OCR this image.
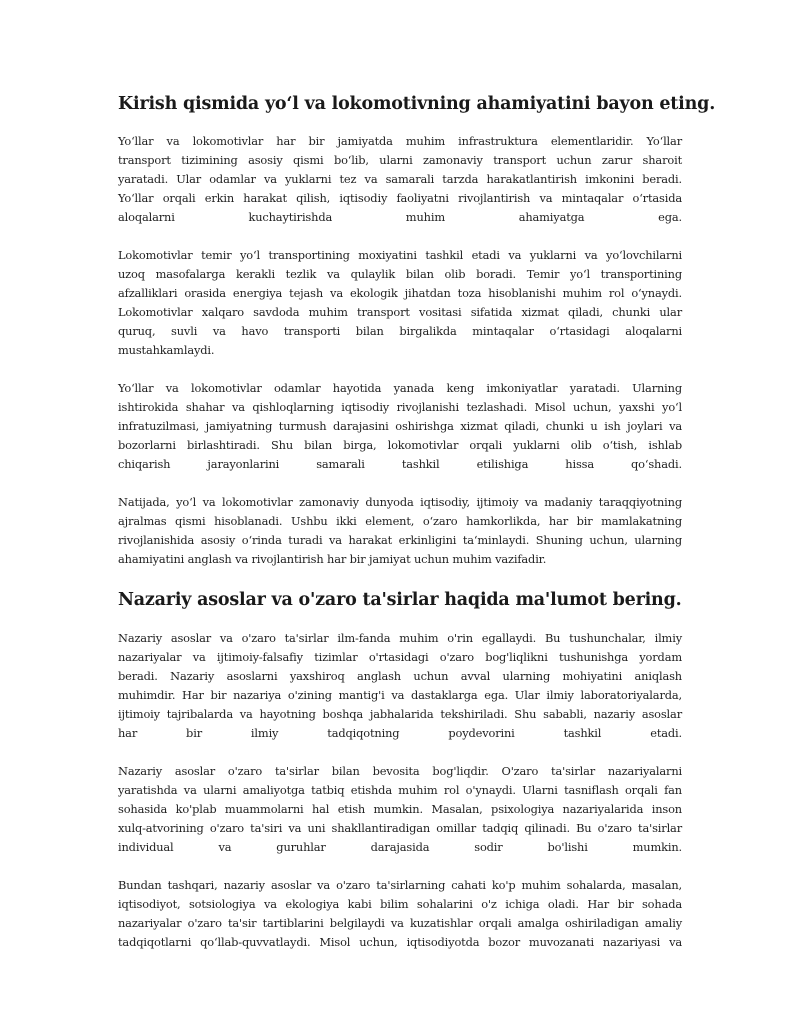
Kirish qismida yo‘l va lokomotivning ahamiyatini bayon eting.
Yo‘llar va lokomotivlar har bir jamiyatda muhim infrastruktura elementlaridir. Yo‘llar
transport tizimining asosiy qismi bo‘lib, ularni zamonaviy transport uchun zarur sharoit
yaratadi. Ular odamlar va yuklarni tez va samarali tarzda harakatlantirish imkonini beradi.
Yo‘llar orqali erkin harakat qilish, iqtisodiy faoliyatni rivojlantirish va mintaqalar o‘rtasida
aloqalarni kuchaytirishda muhim ahamiyatga ega.
Lokomotivlar temir yo‘l transportining moxiyatini tashkil etadi va yuklarni va yo‘lovchilarni
uzoq masofalarga kerakli tezlik va qulaylik bilan olib boradi. Temir yo‘l transportining
afzalliklari orasida energiya tejash va ekologik jihatdan toza hisoblanishi muhim rol o‘ynaydi.
Lokomotivlar xalqaro savdoda muhim transport vositasi sifatida xizmat qiladi, chunki ular
quruq, suvli va havo transporti bilan birgalikda mintaqalar o‘rtasidagi aloqalarni
mustahkamlaydi.
Yo‘llar va lokomotivlar odamlar hayotida yanada keng imkoniyatlar yaratadi. Ularning
ishtirokida shahar va qishloqlarning iqtisodiy rivojlanishi tezlashadi. Misol uchun, yaxshi yo‘l
infratuzilmasi, jamiyatning turmush darajasini oshirishga xizmat qiladi, chunki u ish joylari va
bozorlarni birlashtiradi. Shu bilan birga, lokomotivlar orqali yuklarni olib o‘tish, ishlab
chiqarish jarayonlarini samarali tashkil etilishiga hissa qo‘shadi.
Natijada, yo‘l va lokomotivlar zamonaviy dunyoda iqtisodiy, ijtimoiy va madaniy taraqqiyotning
ajralmas qismi hisoblanadi. Ushbu ikki element, o‘zaro hamkorlikda, har bir mamlakatning
rivojlanishida asosiy o‘rinda turadi va harakat erkinligini ta‘minlaydi. Shuning uchun, ularning
ahamiyatini anglash va rivojlantirish har bir jamiyat uchun muhim vazifadir.
Nazariy asoslar va o'zaro ta'sirlar haqida ma'lumot bering.
Nazariy asoslar va o'zaro ta'sirlar ilm-fanda muhim o'rin egallaydi. Bu tushunchalar, ilmiy
nazariyalar va ijtimoiy-falsafiy tizimlar o'rtasidagi o'zaro bog'liqlikni tushunishga yordam
beradi. Nazariy asoslarni yaxshiroq anglash uchun avval ularning mohiyatini aniqlash
muhimdir. Har bir nazariya o'zining mantig'i va dastaklarga ega. Ular ilmiy laboratoriyalarda,
ijtimoiy tajribalarda va hayotning boshqa jabhalarida tekshiriladi. Shu sababli, nazariy asoslar
har bir ilmiy tadqiqotning poydevorini tashkil etadi.
Nazariy asoslar o'zaro ta'sirlar bilan bevosita bog'liqdir. O'zaro ta'sirlar nazariyalarni
yaratishda va ularni amaliyotga tatbiq etishda muhim rol o'ynaydi. Ularni tasniflash orqali fan
sohasida ko'plab muammolarni hal etish mumkin. Masalan, psixologiya nazariyalarida inson
xulq-atvorining o'zaro ta'siri va uni shakllantiradigan omillar tadqiq qilinadi. Bu o'zaro ta'sirlar
individual va guruhlar darajasida sodir bo'lishi mumkin.
Bundan tashqari, nazariy asoslar va o'zaro ta'sirlarning cahati ko'p muhim sohalarda, masalan,
iqtisodiyot, sotsiologiya va ekologiya kabi bilim sohalarini o'z ichiga oladi. Har bir sohada
nazariyalar o'zaro ta'sir tartiblarini belgilaydi va kuzatishlar orqali amalga oshiriladigan amaliy
tadqiqotlarni qo‘llab-quvvatlaydi. Misol uchun, iqtisodiyotda bozor muvozanati nazariyasi va
